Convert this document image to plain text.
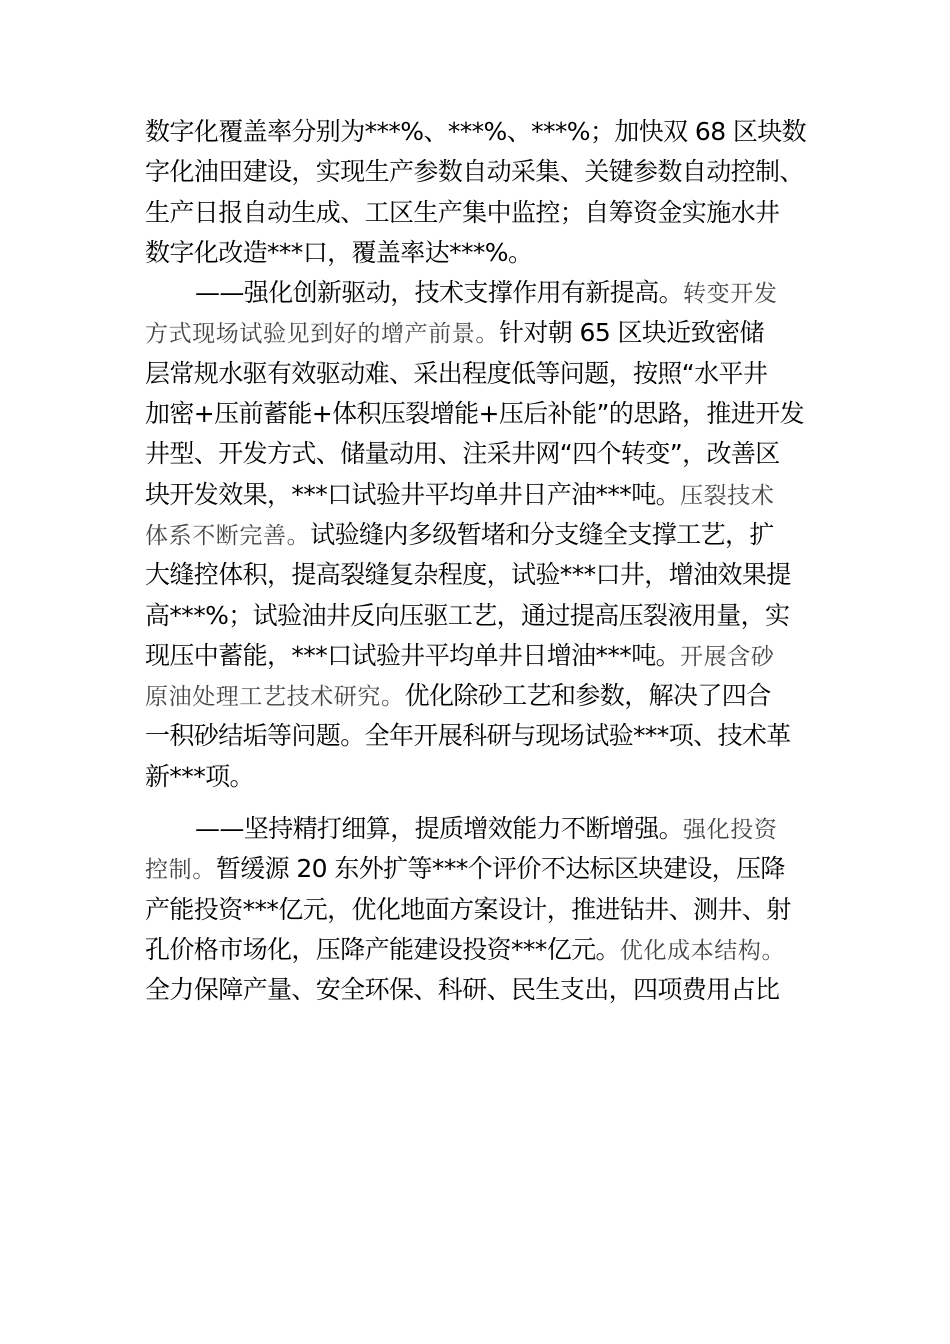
数字化覆盖率分别为***%、***%、***%；加快双 68 区块数
字化油田建设，实现生产参数自动采集、关键参数自动控制、
生产日报自动生成、工区生产集中监控；自筹资金实施水井
数字化改造***口，覆盖率达***%。
——强化创新驱动，技术支撑作用有新提高。转变开发
方式现场试验见到好的增产前景。针对朝 65 区块近致密储
层常规水驱有效驱动难、采出程度低等问题，按照“水平井
加密+压前蓄能+体积压裂增能+压后补能”的思路，推进开发
井型、开发方式、储量动用、注采井网“四个转变”，改善区
块开发效果，***口试验井平均单井日产油***吨。压裂技术
体系不断完善。试验缝内多级暂堵和分支缝全支撑工艺，扩
大缝控体积，提高裂缝复杂程度，试验***口井，增油效果提
高***%；试验油井反向压驱工艺，通过提高压裂液用量，实
现压中蓄能，***口试验井平均单井日增油***吨。开展含砂
原油处理工艺技术研究。优化除砂工艺和参数，解决了四合
一积砂结垢等问题。全年开展科研与现场试验***项、技术革
新***项。
——坚持精打细算，提质增效能力不断增强。强化投资
控制。暂缓源 20 东外扩等***个评价不达标区块建设，压降
产能投资***亿元，优化地面方案设计，推进钻井、测井、射
孔价格市场化，压降产能建设投资***亿元。优化成本结构。
全力保障产量、安全环保、科研、民生支出，四项费用占比
